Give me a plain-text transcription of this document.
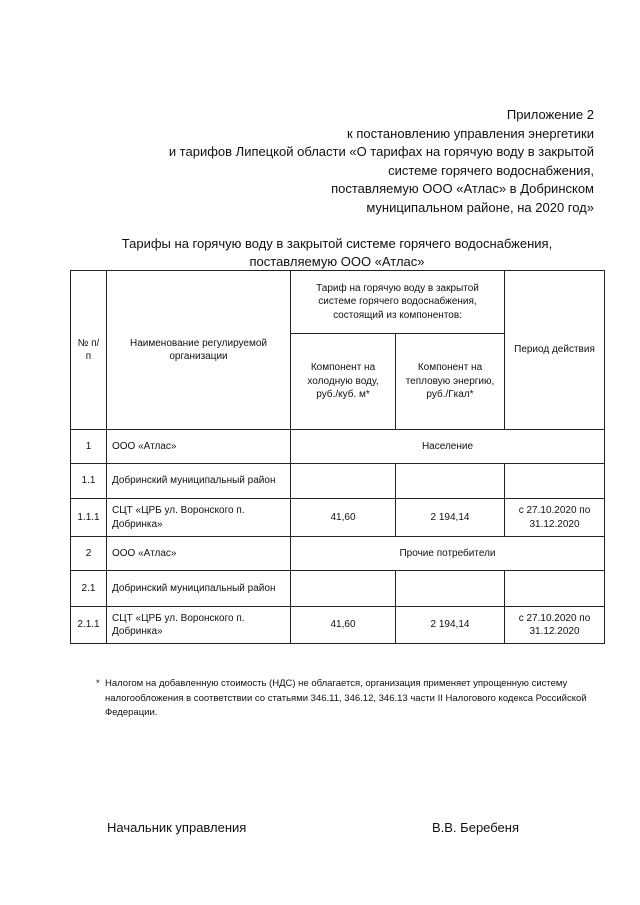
Приложение 2
к постановлению управления энергетики
и тарифов Липецкой области «О тарифах на горячую воду в закрытой
системе горячего водоснабжения,
поставляемую ООО «Атлас» в Добринском
муниципальном районе, на 2020 год»
Тарифы на горячую воду в закрытой системе горячего водоснабжения,
поставляемую ООО «Атлас»
№ п/п	Наименование регулируемой организации	Тариф на горячую воду в закрытой системе горячего водоснабжения, состоящий из компонентов:		Период действия
		Компонент на холодную воду, руб./куб. м*	Компонент на тепловую энергию, руб./Гкал*	
1	ООО «Атлас»	Население		
1.1	Добринский муниципальный район			
1.1.1	СЦТ «ЦРБ ул. Воронского п. Добринка»	41,60	2 194,14	с 27.10.2020 по 31.12.2020
2	ООО «Атлас»	Прочие потребители		
2.1	Добринский муниципальный район			
2.1.1	СЦТ «ЦРБ ул. Воронского п. Добринка»	41,60	2 194,14	с 27.10.2020 по 31.12.2020
* Налогом на добавленную стоимость (НДС) не облагается, организация применяет упрощенную систему налогообложения в соответствии со статьями 346.11, 346.12, 346.13 части II Налогового кодекса Российской Федерации.
Начальник управления	В.В. Беребеня
